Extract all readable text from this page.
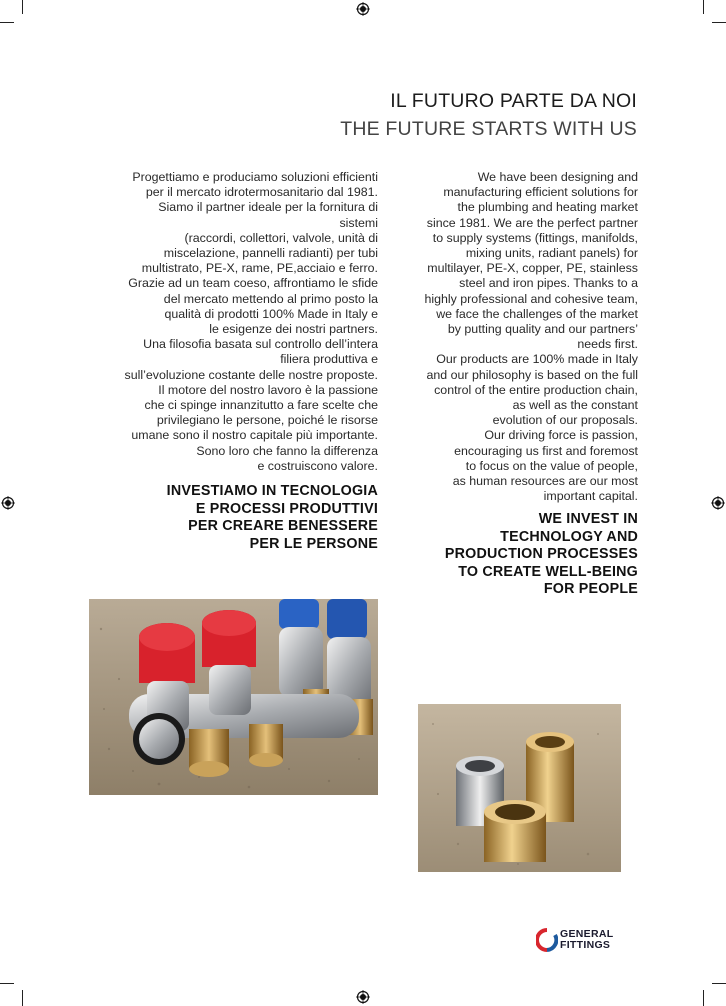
IL FUTURO PARTE DA NOI
THE FUTURE STARTS WITH US
Progettiamo e produciamo soluzioni efficienti
per il mercato idrotermosanitario dal 1981.
Siamo il partner ideale per la fornitura di
sistemi
(raccordi, collettori, valvole, unità di
miscelazione, pannelli radianti) per tubi
multistrato, PE-X, rame, PE,acciaio e ferro.
Grazie ad un team coeso, affrontiamo le sfide
del mercato mettendo al primo posto la
qualità di prodotti 100% Made in Italy e
le esigenze dei nostri partners.
Una filosofia basata sul controllo dell’intera
filiera produttiva e
sull’evoluzione costante delle nostre proposte.
Il motore del nostro lavoro è la passione
che ci spinge innanzitutto a fare scelte che
privilegiano le persone, poiché le risorse
umane sono il nostro capitale più importante.
Sono loro che fanno la differenza
e costruiscono valore.
We have been designing and
manufacturing efficient solutions for
the plumbing and heating market
since 1981. We are the perfect partner
to supply systems (fittings, manifolds,
mixing units, radiant panels) for
multilayer, PE-X, copper, PE, stainless
steel and iron pipes. Thanks to a
highly professional and cohesive team,
we face the challenges of the market
by putting quality and our partners’
needs first.
Our products are 100% made in Italy
and our philosophy is based on the full
control of the entire production chain,
as well as the constant
evolution of our proposals.
Our driving force is passion,
encouraging us first and foremost
to focus on the value of people,
as human resources are our most
important capital.
INVESTIAMO IN TECNOLOGIA
E PROCESSI PRODUTTIVI
PER CREARE BENESSERE
PER LE PERSONE
WE INVEST IN
TECHNOLOGY AND
PRODUCTION PROCESSES
TO CREATE WELL-BEING
FOR PEOPLE
GENERAL
FITTINGS
